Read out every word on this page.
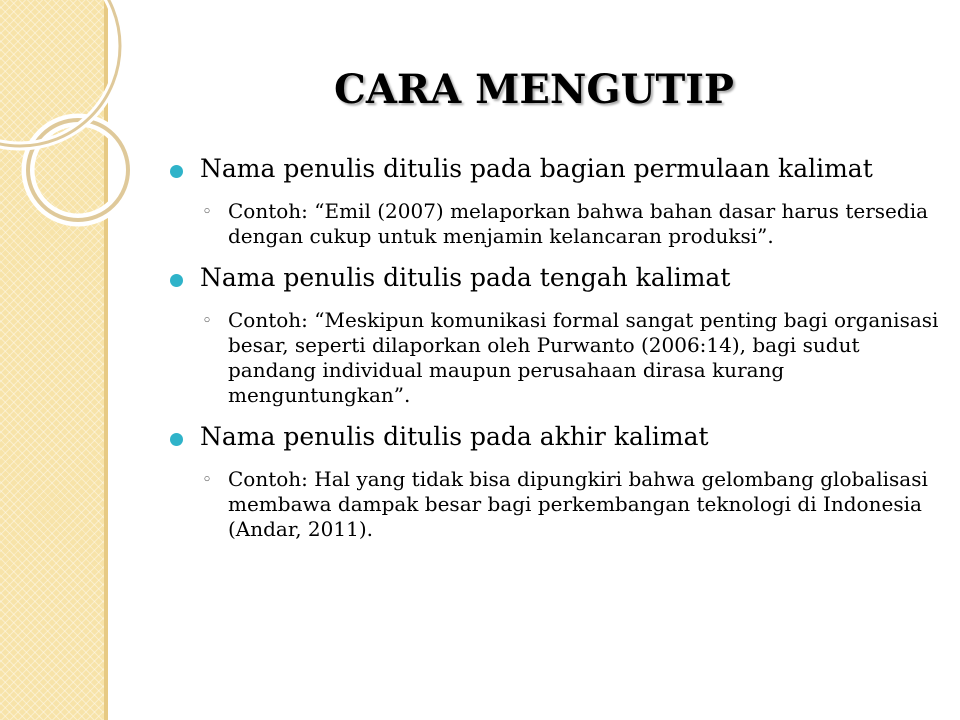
CARA MENGUTIP
Nama penulis ditulis pada bagian permulaan kalimat
◦ Contoh: “Emil (2007) melaporkan bahwa bahan dasar harus tersedia dengan cukup untuk menjamin kelancaran produksi”.
Nama penulis ditulis pada tengah kalimat
◦ Contoh: “Meskipun komunikasi formal sangat penting bagi organisasi besar, seperti dilaporkan oleh Purwanto (2006:14), bagi sudut pandang individual maupun perusahaan dirasa kurang menguntungkan”.
Nama penulis ditulis pada akhir kalimat
◦ Contoh: Hal yang tidak bisa dipungkiri bahwa gelombang globalisasi membawa dampak besar bagi perkembangan teknologi di Indonesia (Andar, 2011).
